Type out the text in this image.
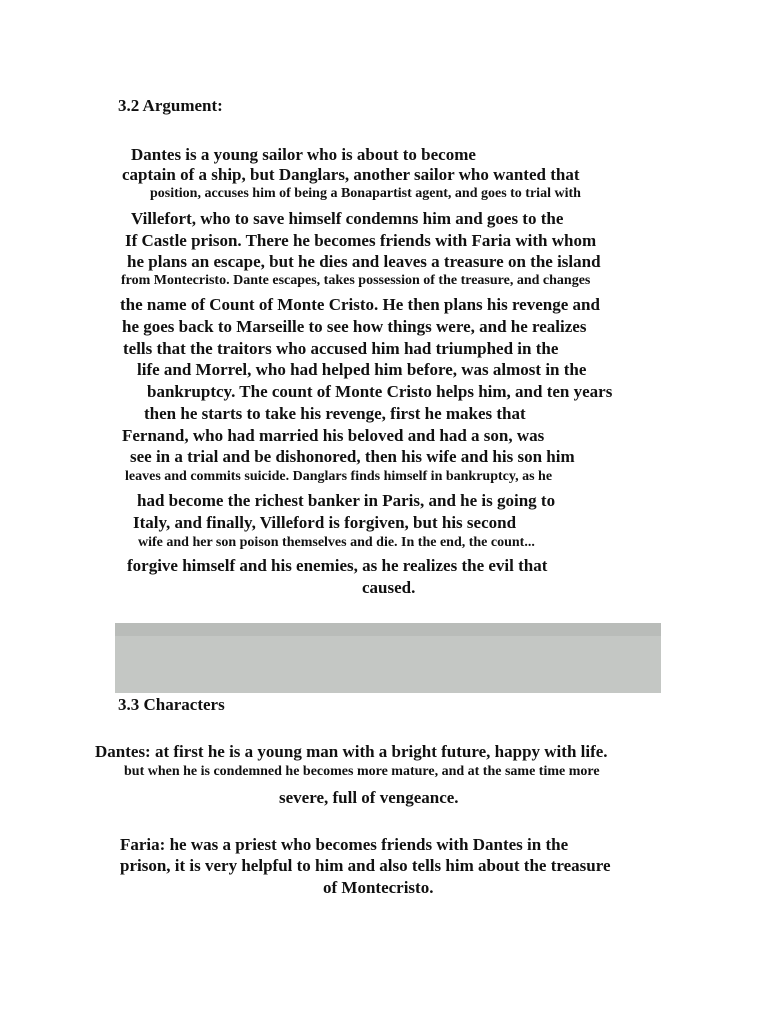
3.2 Argument:
Dantes is a young sailor who is about to become
captain of a ship, but Danglars, another sailor who wanted that
position, accuses him of being a Bonapartist agent, and goes to trial with
Villefort, who to save himself condemns him and goes to the
If Castle prison. There he becomes friends with Faria with whom
he plans an escape, but he dies and leaves a treasure on the island
from Montecristo. Dante escapes, takes possession of the treasure, and changes
the name of Count of Monte Cristo. He then plans his revenge and
he goes back to Marseille to see how things were, and he realizes
tells that the traitors who accused him had triumphed in the
life and Morrel, who had helped him before, was almost in the
bankruptcy. The count of Monte Cristo helps him, and ten years
then he starts to take his revenge, first he makes that
Fernand, who had married his beloved and had a son, was
see in a trial and be dishonored, then his wife and his son him
leaves and commits suicide. Danglars finds himself in bankruptcy, as he
had become the richest banker in Paris, and he is going to
Italy, and finally, Villeford is forgiven, but his second
wife and her son poison themselves and die. In the end, the count...
forgive himself and his enemies, as he realizes the evil that
caused.
3.3 Characters
Dantes: at first he is a young man with a bright future, happy with life.
but when he is condemned he becomes more mature, and at the same time more
severe, full of vengeance.
Faria: he was a priest who becomes friends with Dantes in the
prison, it is very helpful to him and also tells him about the treasure
of Montecristo.
